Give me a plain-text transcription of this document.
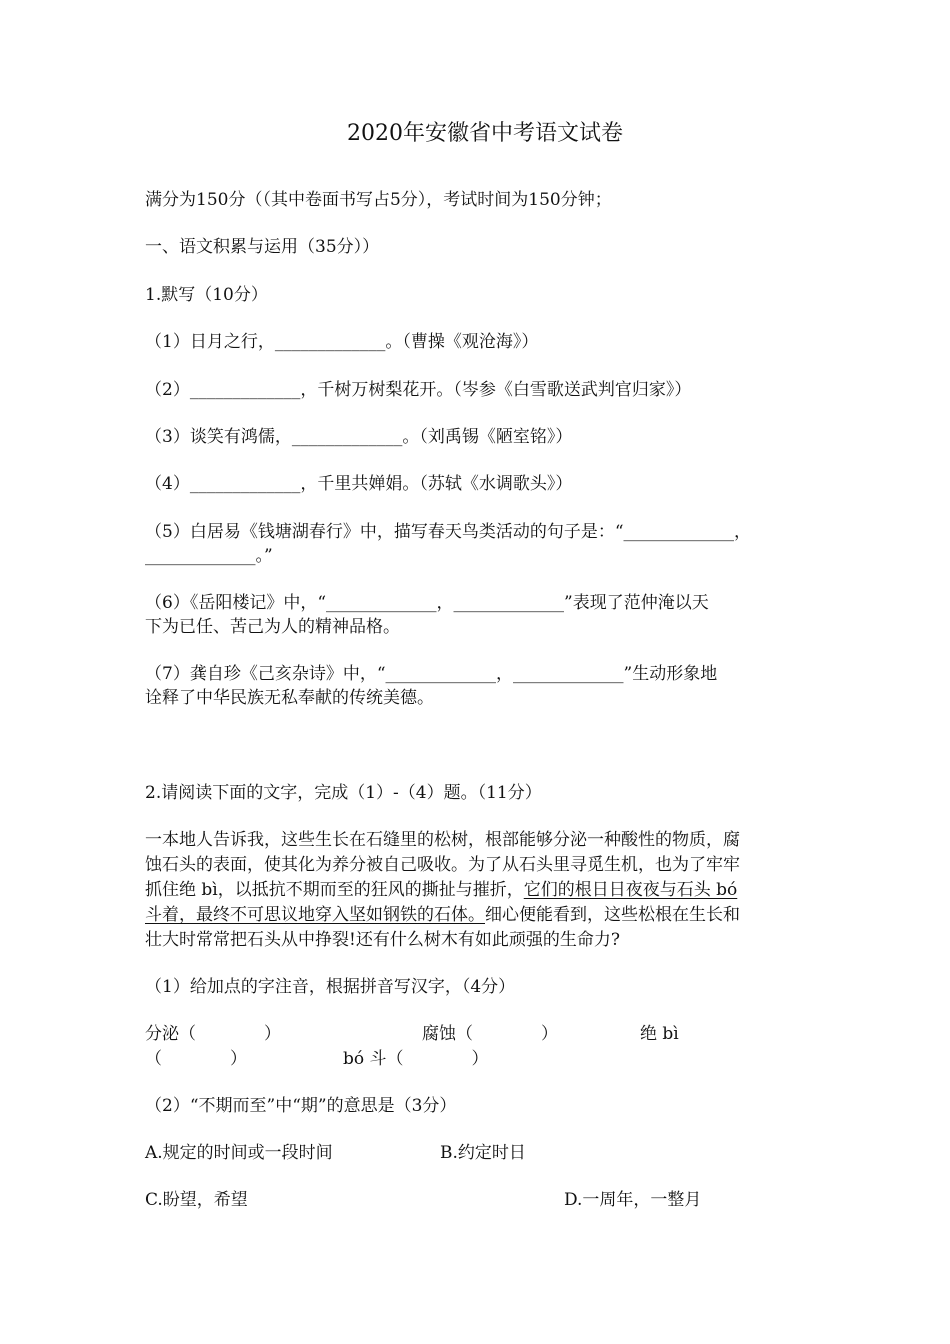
2020年安徽省中考语文试卷
满分为150分（（其中卷面书写占5分），考试时间为150分钟；
一、语文积累与运用（35分））
1.默写（10分）
（1）日月之行，_____________。（曹操《观沧海》）
（2）_____________，千树万树梨花开。（岑参《白雪歌送武判官归家》）
（3）谈笑有鸿儒，_____________。（刘禹锡《陋室铭》）
（4）_____________，千里共婵娟。（苏轼《水调歌头》）
（5）白居易《钱塘湖春行》中，描写春天鸟类活动的句子是：“_____________，
_____________。”
（6）《岳阳楼记》中，“_____________，_____________”表现了范仲淹以天
下为已任、苦己为人的精神品格。
（7）龚自珍《己亥杂诗》中，“_____________，_____________”生动形象地
诠释了中华民族无私奉献的传统美德。
2.请阅读下面的文字，完成（1）-（4）题。（11分）
一本地人告诉我，这些生长在石缝里的松树，根部能够分泌一种酸性的物质，腐
蚀石头的表面，使其化为养分被自己吸收。为了从石头里寻觅生机，也为了牢牢
抓住绝 bì，以抵抗不期而至的狂风的撕扯与摧折，它们的根日日夜夜与石头 bó
斗着，最终不可思议地穿入坚如钢铁的石体。细心便能看到，这些松根在生长和
壮大时常常把石头从中挣裂!还有什么树木有如此顽强的生命力?
（1）给加点的字注音，根据拼音写汉字，（4分）
分泌（　　　　）	腐蚀（　　　　）	绝 bì
（　　　　）	bó 斗（　　　　）
（2）“不期而至”中“期”的意思是（3分）
A.规定的时间或一段时间	B.约定时日
C.盼望，希望	D.一周年，一整月
